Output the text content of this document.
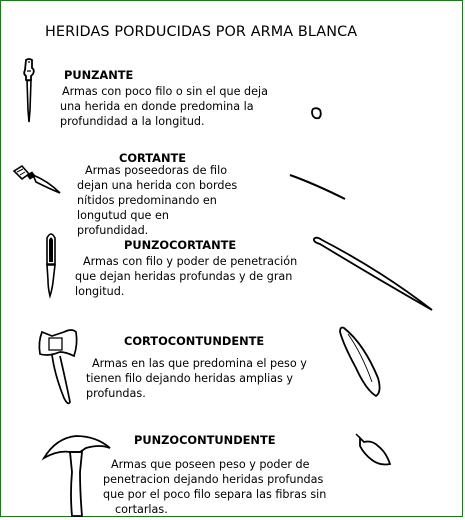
HERIDAS PORDUCIDAS POR ARMA BLANCA
PUNZANTE
Armas con poco filo o sin el que deja
una herida en donde predomina la
profundidad a la longitud.
CORTANTE
Armas poseedoras de filo
dejan una herida con bordes
nítidos predominando en
longutud que en
profundidad.
PUNZOCORTANTE
Armas con filo y poder de penetración
que dejan heridas profundas y de gran
longitud.
CORTOCONTUNDENTE
Armas en las que predomina el peso y
tienen filo dejando heridas amplias y
profundas.
PUNZOCONTUNDENTE
Armas que poseen peso y poder de
penetracion dejando heridas profundas
que por el poco filo separa las fibras sin
cortarlas.
